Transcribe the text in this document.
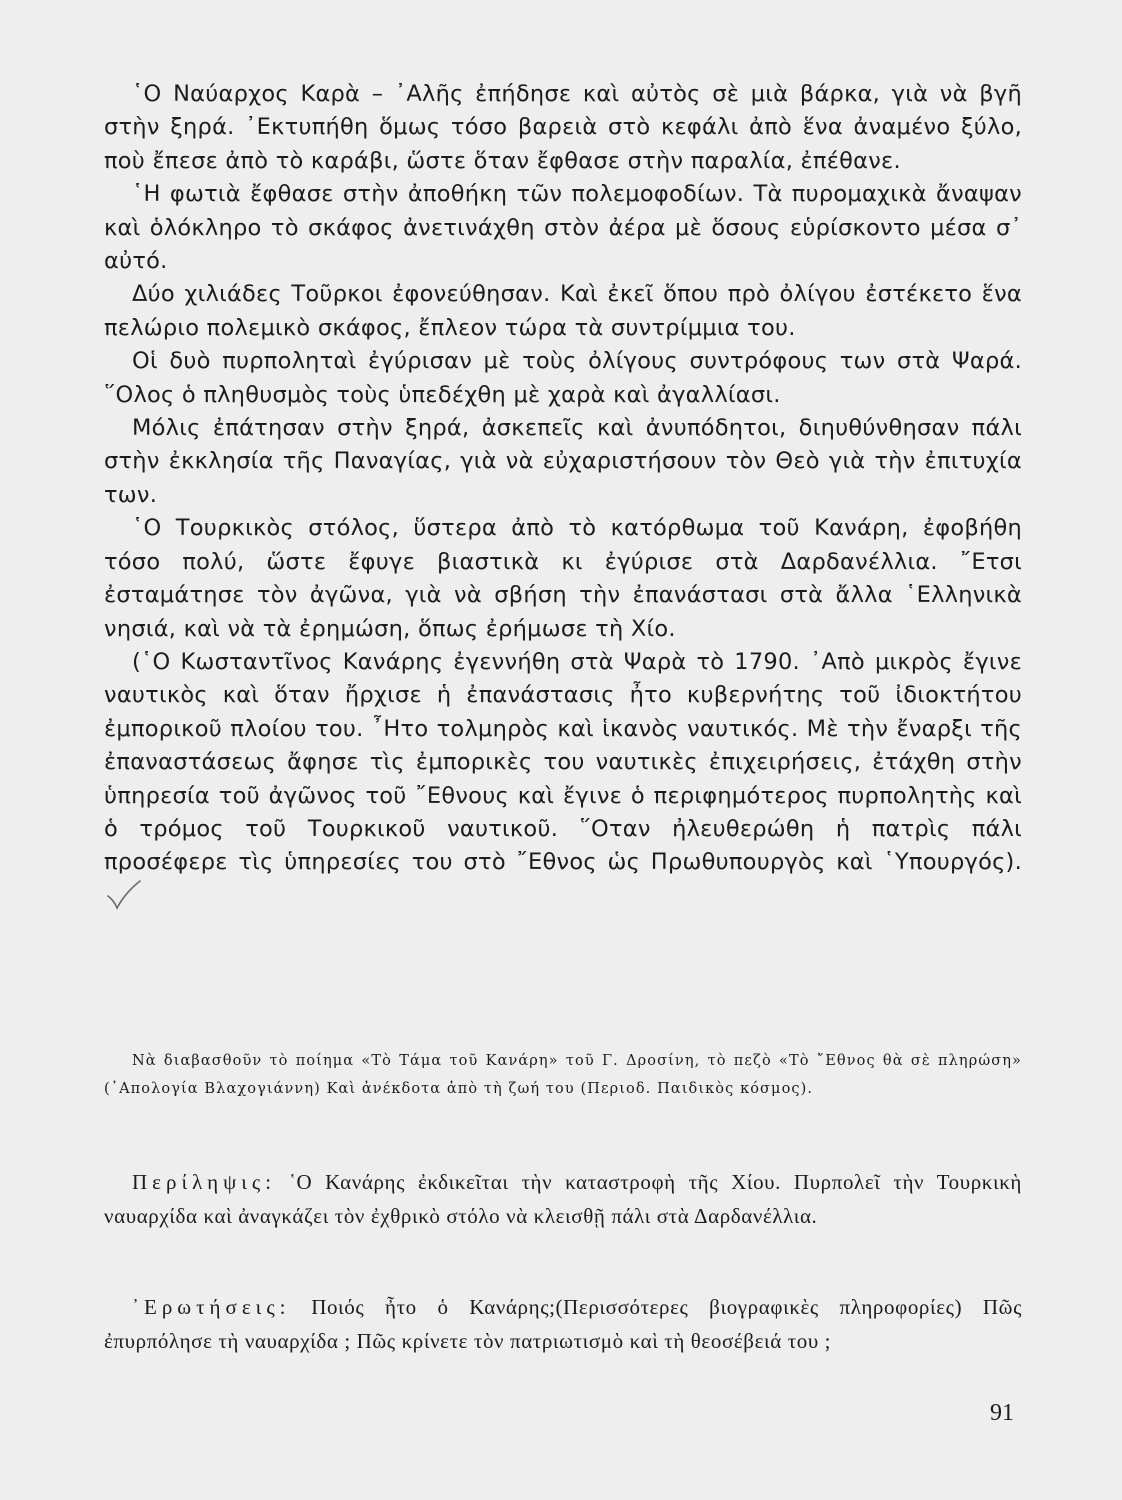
῾Ο Ναύαρχος Καρὰ – ᾿Αλῆς ἐπήδησε καὶ αὐτὸς σὲ μιὰ βάρκα, γιὰ νὰ βγῆ στὴν ξηρά. ᾿Εκτυπήθη ὅμως τόσο βαρειὰ στὸ κεφάλι ἀπὸ ἕνα ἀναμένο ξύλο, ποὺ ἔπεσε ἀπὸ τὸ καράβι, ὥστε ὅταν ἔφθασε στὴν παραλία, ἐπέθανε.

῾Η φωτιὰ ἔφθασε στὴν ἀποθήκη τῶν πολεμοφοδίων. Τὰ πυρομαχικὰ ἄναψαν καὶ ὁλόκληρο τὸ σκάφος ἀνετινάχθη στὸν ἀέρα μὲ ὅσους εὑρίσκοντο μέσα σ᾿ αὐτό.

Δύο χιλιάδες Τοῦρκοι ἐφονεύθησαν. Καὶ ἐκεῖ ὅπου πρὸ ὀλίγου ἐστέκετο ἕνα πελώριο πολεμικὸ σκάφος, ἔπλεον τώρα τὰ συντρίμμια του.

Οἱ δυὸ πυρποληταὶ ἐγύρισαν μὲ τοὺς ὀλίγους συντρόφους των στὰ Ψαρά. ῞Ολος ὁ πληθυσμὸς τοὺς ὑπεδέχθη μὲ χαρὰ καὶ ἀγαλλίασι.

Μόλις ἐπάτησαν στὴν ξηρά, ἀσκεπεῖς καὶ ἀνυπόδητοι, διηυθύνθησαν πάλι στὴν ἐκκλησία τῆς Παναγίας, γιὰ νὰ εὐχαριστήσουν τὸν Θεὸ γιὰ τὴν ἐπιτυχία των.

῾Ο Τουρκικὸς στόλος, ὕστερα ἀπὸ τὸ κατόρθωμα τοῦ Κανάρη, ἐφοβήθη τόσο πολύ, ὥστε ἔφυγε βιαστικὰ κι ἐγύρισε στὰ Δαρδανέλλια. ῎Ετσι ἐσταμάτησε τὸν ἀγῶνα, γιὰ νὰ σβήση τὴν ἐπανάστασι στὰ ἄλλα ῾Ελληνικὰ νησιά, καὶ νὰ τὰ ἐρημώση, ὅπως ἐρήμωσε τὴ Χίο.

(῾Ο Κωσταντῖνος Κανάρης ἐγεννήθη στὰ Ψαρὰ τὸ 1790. ᾿Απὸ μικρὸς ἔγινε ναυτικὸς καὶ ὅταν ἤρχισε ἡ ἐπανάστασις ἦτο κυβερνήτης τοῦ ἰδιοκτήτου ἐμπορικοῦ πλοίου του. ῏Ητο τολμηρὸς καὶ ἱκανὸς ναυτικός. Μὲ τὴν ἔναρξι τῆς ἐπαναστάσεως ἄφησε τὶς ἐμπορικὲς του ναυτικὲς ἐπιχειρήσεις, ἐτάχθη στὴν ὑπηρεσία τοῦ ἀγῶνος τοῦ ῎Εθνους καὶ ἔγινε ὁ περιφημότερος πυρπολητὴς καὶ ὁ τρόμος τοῦ Τουρκικοῦ ναυτικοῦ. ῞Οταν ἠλευθερώθη ἡ πατρὶς πάλι προσέφερε τὶς ὑπηρεσίες του στὸ ῎Εθνος ὡς Πρωθυπουργὸς καὶ ῾Υπουργός).

Νὰ διαβασθοῦν τὸ ποίημα «Τὸ Τάμα τοῦ Κανάρη» τοῦ Γ. Δροσίνη, τὸ πεζὸ «Τὸ ῎Εθνος θὰ σὲ πληρώση» (᾿Απολογία Βλαχογιάννη) Καὶ ἀνέκδοτα ἀπὸ τὴ ζωή του (Περιοδ. Παιδικὸς κόσμος).

Περίληψις: ῾Ο Κανάρης ἐκδικεῖται τὴν καταστροφὴ τῆς Χίου. Πυρπολεῖ τὴν Τουρκικὴ ναυαρχίδα καὶ ἀναγκάζει τὸν ἐχθρικὸ στόλο νὰ κλεισθῇ πάλι στὰ Δαρδανέλλια.

᾿Ερωτήσεις: Ποιός ἦτο ὁ Κανάρης;(Περισσότερες βιογραφικὲς πληροφορίες) Πῶς ἐπυρπόλησε τὴ ναυαρχίδα ; Πῶς κρίνετε τὸν πατριωτισμὸ καὶ τὴ θεοσέβειά του ;

91
